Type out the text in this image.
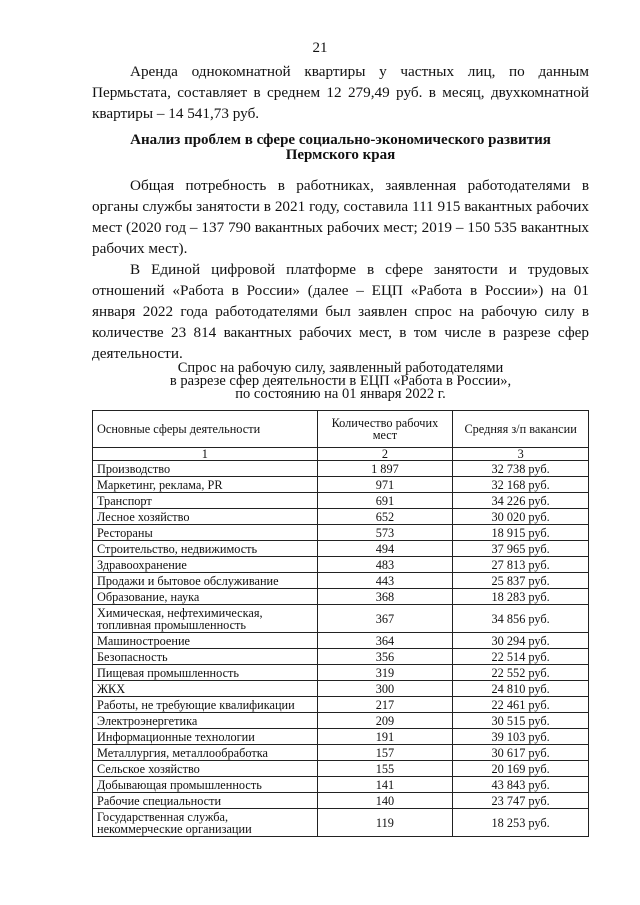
21

Аренда однокомнатной квартиры у частных лиц, по данным Пермьстата, составляет в среднем 12 279,49 руб. в месяц, двухкомнатной квартиры – 14 541,73 руб.

Анализ проблем в сфере социально-экономического развития Пермского края

Общая потребность в работниках, заявленная работодателями в органы службы занятости в 2021 году, составила 111 915 вакантных рабочих мест (2020 год – 137 790 вакантных рабочих мест; 2019 – 150 535 вакантных рабочих мест).

В Единой цифровой платформе в сфере занятости и трудовых отношений «Работа в России» (далее – ЕЦП «Работа в России») на 01 января 2022 года работодателями был заявлен спрос на рабочую силу в количестве 23 814 вакантных рабочих мест, в том числе в разрезе сфер деятельности.

Спрос на рабочую силу, заявленный работодателями
в разрезе сфер деятельности в ЕЦП «Работа в России»,
по состоянию на 01 января 2022 г.
Основные сферы деятельности	Количество рабочих мест	Средняя з/п вакансии
1	2	3
Производство	1 897	32 738 руб.
Маркетинг, реклама, PR	971	32 168 руб.
Транспорт	691	34 226 руб.
Лесное хозяйство	652	30 020 руб.
Рестораны	573	18 915 руб.
Строительство, недвижимость	494	37 965 руб.
Здравоохранение	483	27 813 руб.
Продажи и бытовое обслуживание	443	25 837 руб.
Образование, наука	368	18 283 руб.
Химическая, нефтехимическая, топливная промышленность	367	34 856 руб.
Машиностроение	364	30 294 руб.
Безопасность	356	22 514 руб.
Пищевая промышленность	319	22 552 руб.
ЖКХ	300	24 810 руб.
Работы, не требующие квалификации	217	22 461 руб.
Электроэнергетика	209	30 515 руб.
Информационные технологии	191	39 103 руб.
Металлургия, металлообработка	157	30 617 руб.
Сельское хозяйство	155	20 169 руб.
Добывающая промышленность	141	43 843 руб.
Рабочие специальности	140	23 747 руб.
Государственная служба, некоммерческие организации	119	18 253 руб.
